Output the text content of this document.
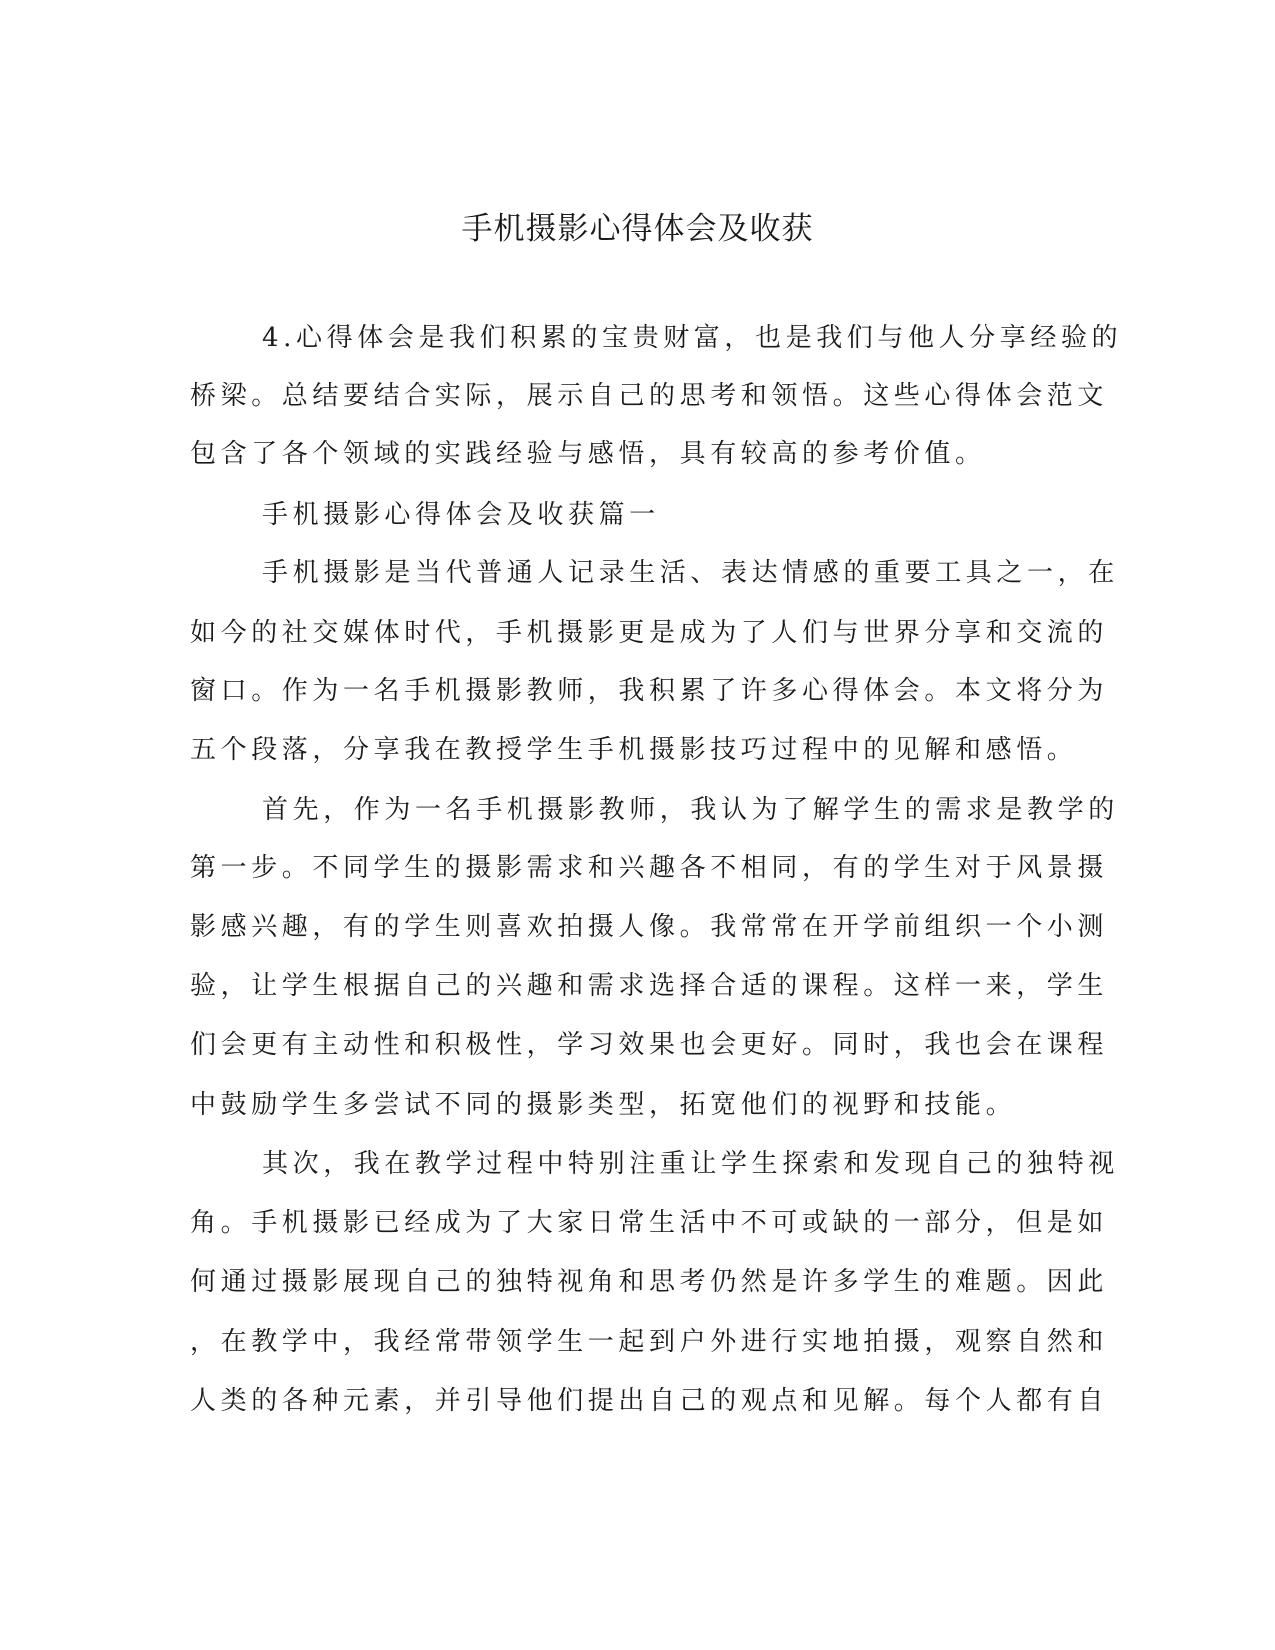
手机摄影心得体会及收获

4.心得体会是我们积累的宝贵财富，也是我们与他人分享经验的

桥梁。总结要结合实际，展示自己的思考和领悟。这些心得体会范文

包含了各个领域的实践经验与感悟，具有较高的参考价值。

手机摄影心得体会及收获篇一

手机摄影是当代普通人记录生活、表达情感的重要工具之一，在

如今的社交媒体时代，手机摄影更是成为了人们与世界分享和交流的

窗口。作为一名手机摄影教师，我积累了许多心得体会。本文将分为

五个段落，分享我在教授学生手机摄影技巧过程中的见解和感悟。

首先，作为一名手机摄影教师，我认为了解学生的需求是教学的

第一步。不同学生的摄影需求和兴趣各不相同，有的学生对于风景摄

影感兴趣，有的学生则喜欢拍摄人像。我常常在开学前组织一个小测

验，让学生根据自己的兴趣和需求选择合适的课程。这样一来，学生

们会更有主动性和积极性，学习效果也会更好。同时，我也会在课程

中鼓励学生多尝试不同的摄影类型，拓宽他们的视野和技能。

其次，我在教学过程中特别注重让学生探索和发现自己的独特视

角。手机摄影已经成为了大家日常生活中不可或缺的一部分，但是如

何通过摄影展现自己的独特视角和思考仍然是许多学生的难题。因此

，在教学中，我经常带领学生一起到户外进行实地拍摄，观察自然和

人类的各种元素，并引导他们提出自己的观点和见解。每个人都有自
